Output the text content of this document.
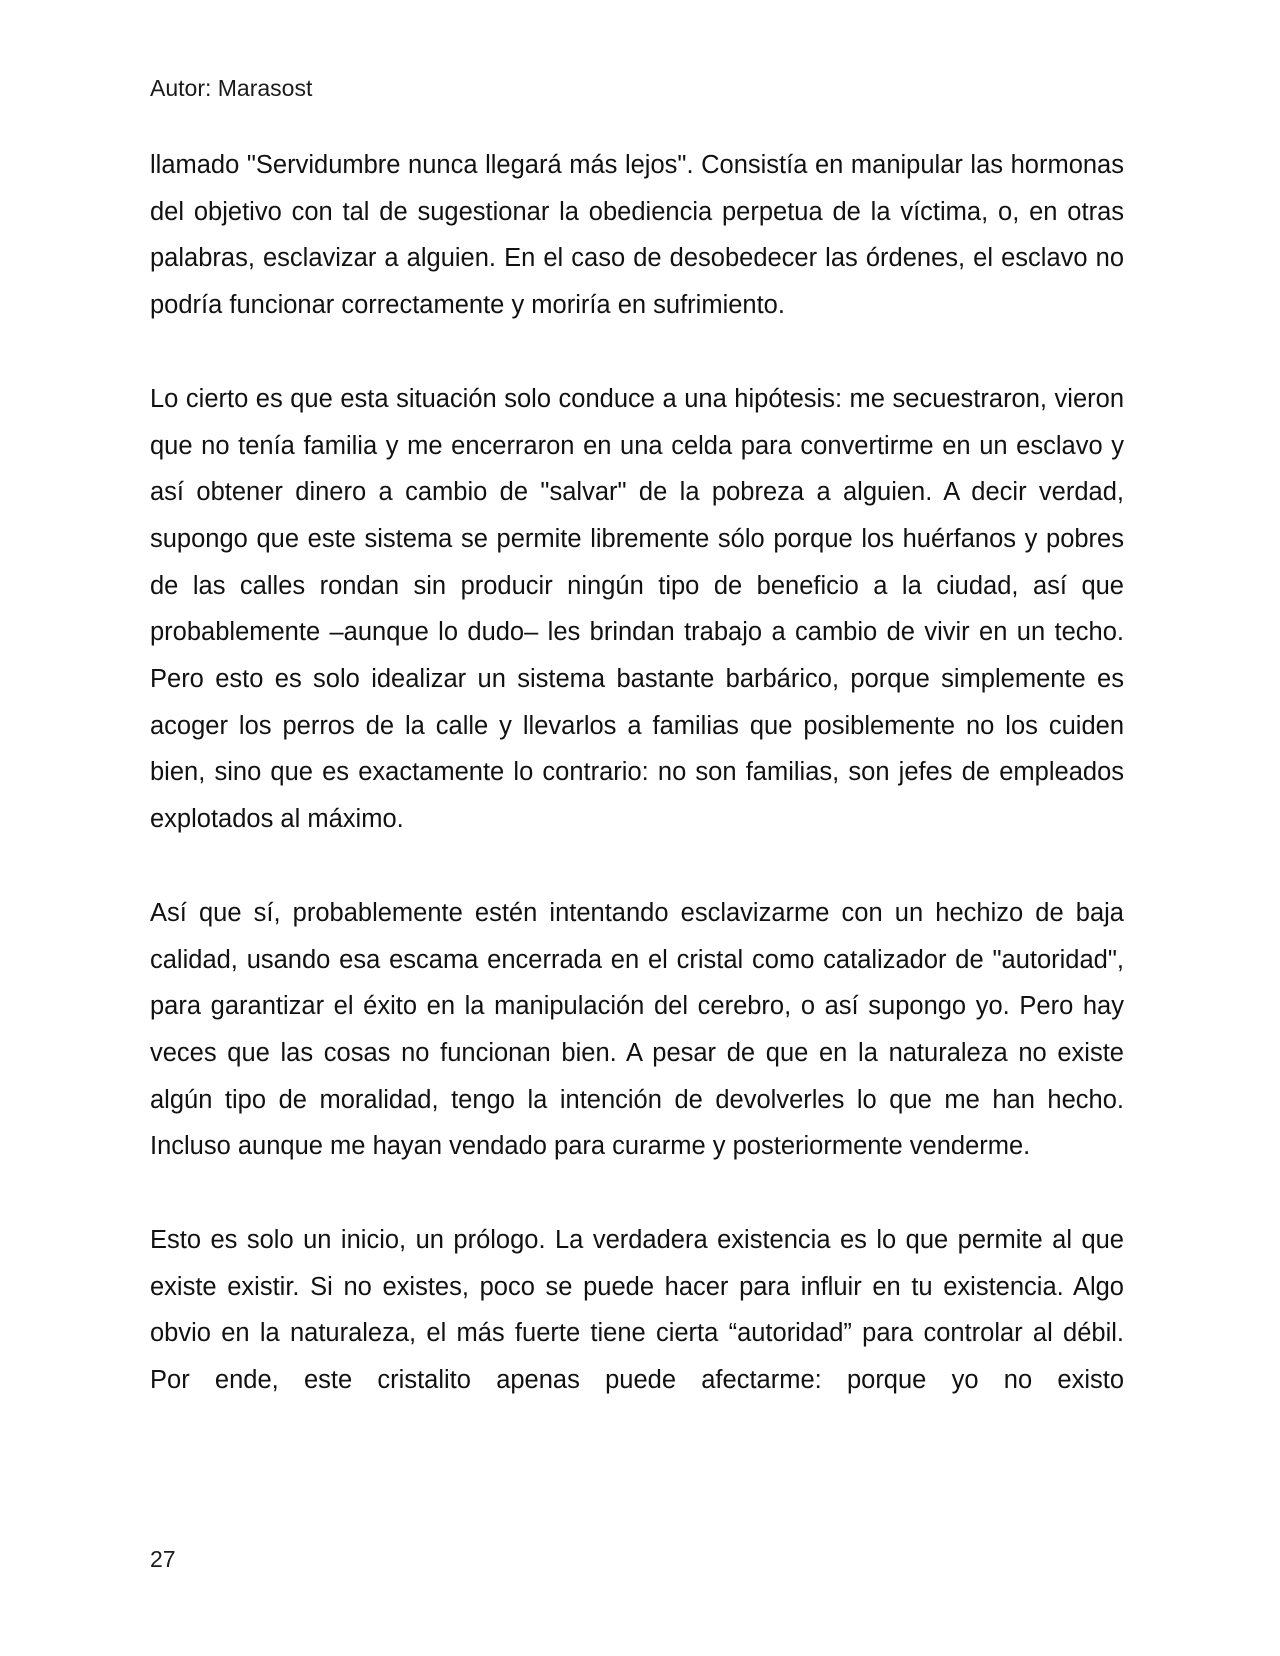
Autor: Marasost

llamado "Servidumbre nunca llegará más lejos". Consistía en manipular las hormonas del objetivo con tal de sugestionar la obediencia perpetua de la víctima, o, en otras palabras, esclavizar a alguien. En el caso de desobedecer las órdenes, el esclavo no podría funcionar correctamente y moriría en sufrimiento.

Lo cierto es que esta situación solo conduce a una hipótesis: me secuestraron, vieron que no tenía familia y me encerraron en una celda para convertirme en un esclavo y así obtener dinero a cambio de "salvar" de la pobreza a alguien. A decir verdad, supongo que este sistema se permite libremente sólo porque los huérfanos y pobres de las calles rondan sin producir ningún tipo de beneficio a la ciudad, así que probablemente –aunque lo dudo– les brindan trabajo a cambio de vivir en un techo. Pero esto es solo idealizar un sistema bastante barbárico, porque simplemente es acoger los perros de la calle y llevarlos a familias que posiblemente no los cuiden bien, sino que es exactamente lo contrario: no son familias, son jefes de empleados explotados al máximo.

Así que sí, probablemente estén intentando esclavizarme con un hechizo de baja calidad, usando esa escama encerrada en el cristal como catalizador de "autoridad", para garantizar el éxito en la manipulación del cerebro, o así supongo yo. Pero hay veces que las cosas no funcionan bien. A pesar de que en la naturaleza no existe algún tipo de moralidad, tengo la intención de devolverles lo que me han hecho. Incluso aunque me hayan vendado para curarme y posteriormente venderme.

Esto es solo un inicio, un prólogo. La verdadera existencia es lo que permite al que existe existir. Si no existes, poco se puede hacer para influir en tu existencia. Algo obvio en la naturaleza, el más fuerte tiene cierta “autoridad” para controlar al débil. Por ende, este cristalito apenas puede afectarme: porque yo no existo

27
